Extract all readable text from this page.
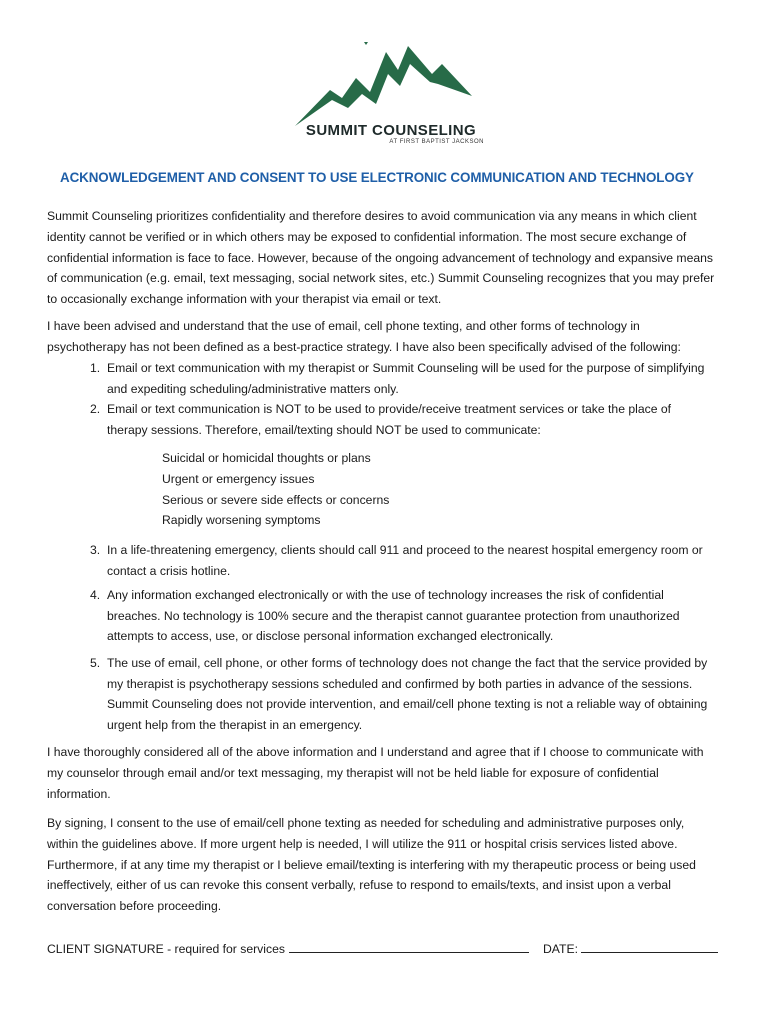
SUMMIT COUNSELING
AT FIRST BAPTIST JACKSON
ACKNOWLEDGEMENT AND CONSENT TO USE ELECTRONIC COMMUNICATION AND TECHNOLOGY

Summit Counseling prioritizes confidentiality and therefore desires to avoid communication via any means in which client identity cannot be verified or in which others may be exposed to confidential information. The most secure exchange of confidential information is face to face. However, because of the ongoing advancement of technology and expansive means of communication (e.g. email, text messaging, social network sites, etc.) Summit Counseling recognizes that you may prefer to occasionally exchange information with your therapist via email or text.

I have been advised and understand that the use of email, cell phone texting, and other forms of technology in psychotherapy has not been defined as a best-practice strategy. I have also been specifically advised of the following:

1. Email or text communication with my therapist or Summit Counseling will be used for the purpose of simplifying and expediting scheduling/administrative matters only.

2. Email or text communication is NOT to be used to provide/receive treatment services or take the place of therapy sessions. Therefore, email/texting should NOT be used to communicate:

Suicidal or homicidal thoughts or plans
Urgent or emergency issues
Serious or severe side effects or concerns
Rapidly worsening symptoms

3. In a life-threatening emergency, clients should call 911 and proceed to the nearest hospital emergency room or contact a crisis hotline.

4. Any information exchanged electronically or with the use of technology increases the risk of confidential breaches. No technology is 100% secure and the therapist cannot guarantee protection from unauthorized attempts to access, use, or disclose personal information exchanged electronically.

5. The use of email, cell phone, or other forms of technology does not change the fact that the service provided by my therapist is psychotherapy sessions scheduled and confirmed by both parties in advance of the sessions. Summit Counseling does not provide intervention, and email/cell phone texting is not a reliable way of obtaining urgent help from the therapist in an emergency.

I have thoroughly considered all of the above information and I understand and agree that if I choose to communicate with my counselor through email and/or text messaging, my therapist will not be held liable for exposure of confidential information.

By signing, I consent to the use of email/cell phone texting as needed for scheduling and administrative purposes only, within the guidelines above. If more urgent help is needed, I will utilize the 911 or hospital crisis services listed above. Furthermore, if at any time my therapist or I believe email/texting is interfering with my therapeutic process or being used ineffectively, either of us can revoke this consent verbally, refuse to respond to emails/texts, and insist upon a verbal conversation before proceeding.

CLIENT SIGNATURE - required for services	DATE:
